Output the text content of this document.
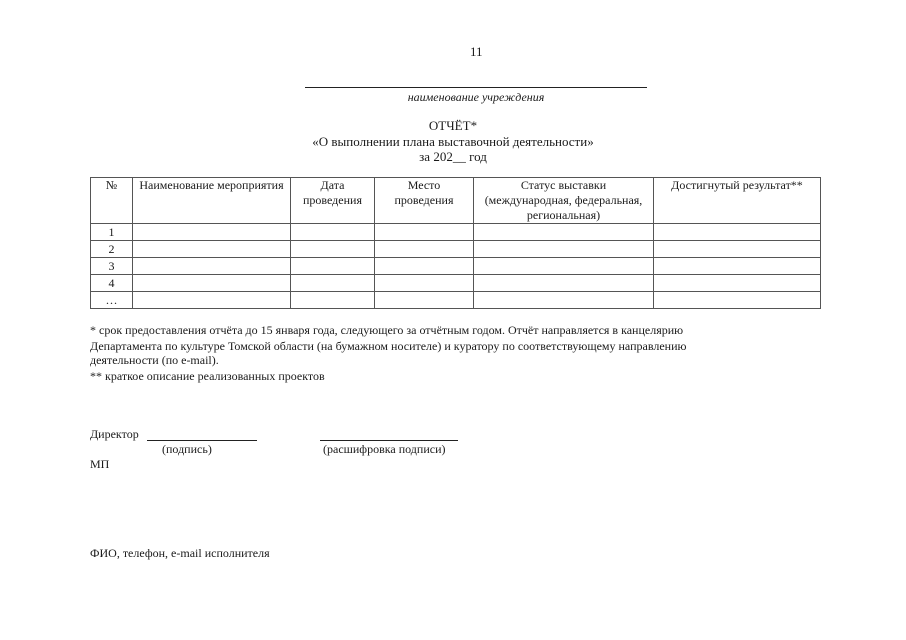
11
наименование учреждения
ОТЧЁТ*
«О выполнении плана выставочной деятельности»
за 202__ год
№	Наименование мероприятия	Дата проведения	Место проведения	Статус выставки (международная, федеральная, региональная)	Достигнутый результат**
1					
2					
3					
4					
…					
* срок предоставления отчёта до 15 января года, следующего за отчётным годом. Отчёт направляется в канцелярию
Департамента по культуре Томской области (на бумажном носителе) и куратору по соответствующему направлению
деятельности (по e-mail).
** краткое описание реализованных проектов
Директор
(подпись)	(расшифровка подписи)
МП
ФИО, телефон, e-mail исполнителя
